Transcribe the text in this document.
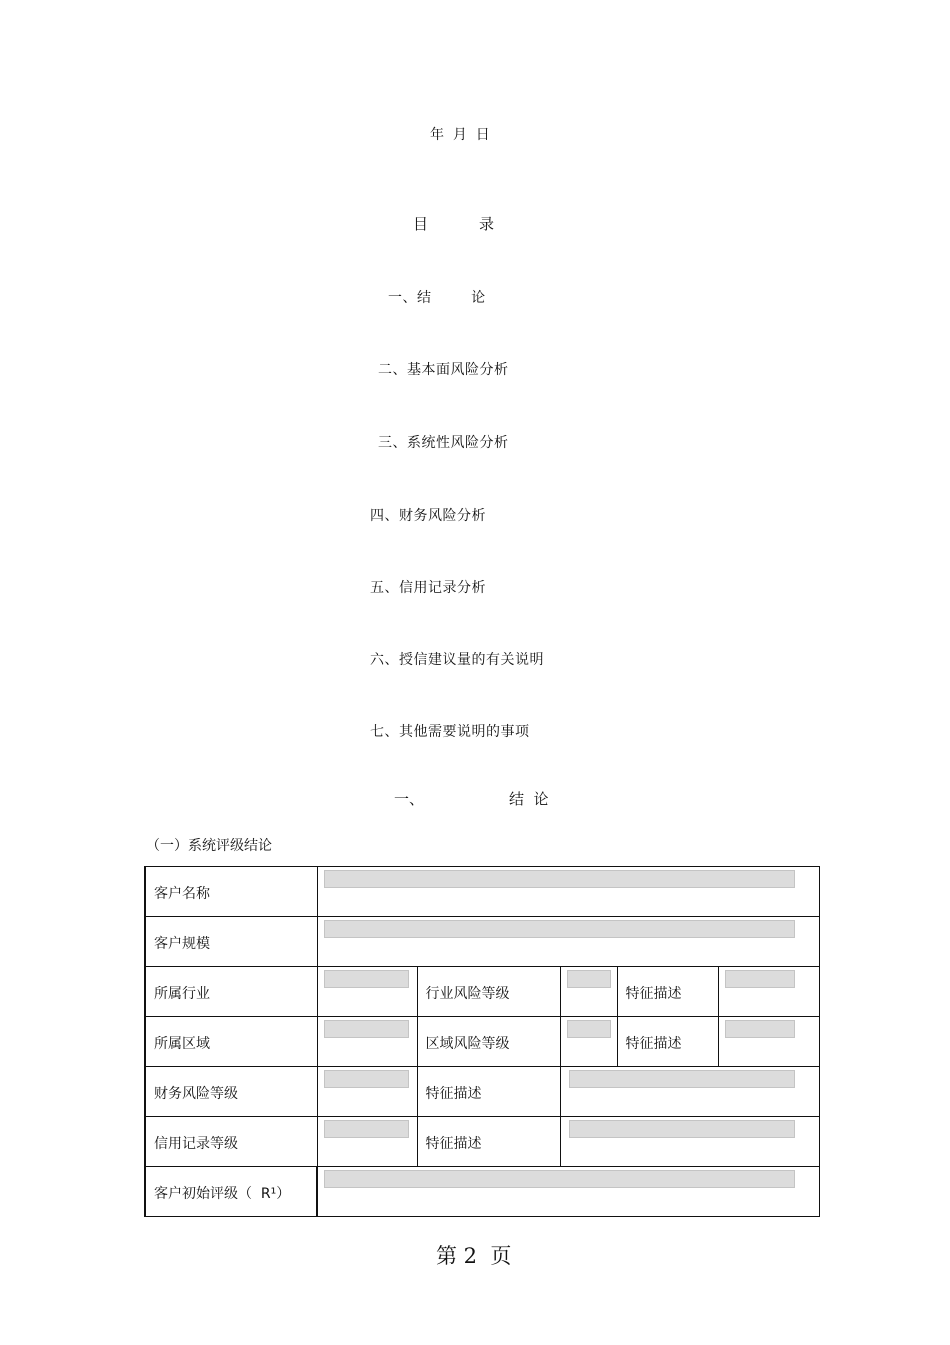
年  月  日
目	录
一、结        论
二、基本面风险分析
三、系统性风险分析
四、财务风险分析
五、信用记录分析
六、授信建议量的有关说明
七、其他需要说明的事项
一、	结  论
（一）系统评级结论
客户名称					

客户规模					

所属行业		行业风险等级		特征描述	

所属区域		区域风险等级		特征描述	

财务风险等级		特征描述			

信用记录等级		特征描述			

客户初始评级（  R¹）					
第 2  页
